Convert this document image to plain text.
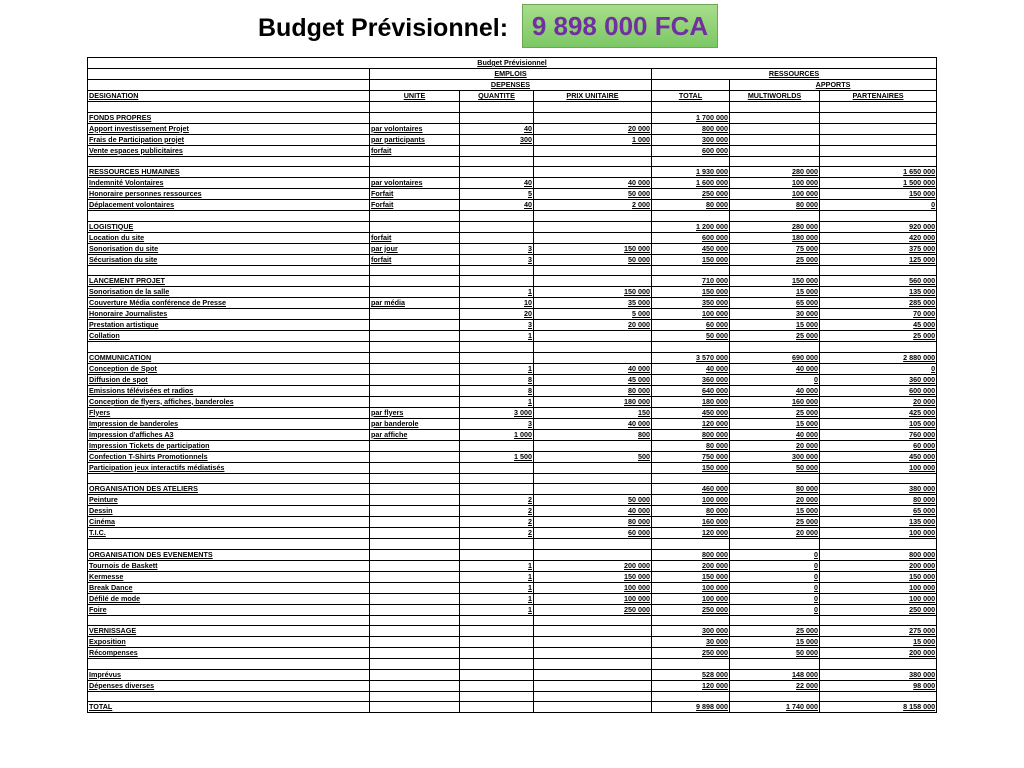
Budget Prévisionnel: 9 898 000 FCA
Budget Prévisionnel						
	EMPLOIS			RESSOURCES		
	DEPENSES				APPORTS	
DESIGNATION	UNITE	QUANTITE	PRIX UNITAIRE	TOTAL	MULTIWORLDS	PARTENAIRES

FONDS PROPRES				1 700 000		
Apport investissement Projet	par volontaires	40	20 000	800 000		
Frais de Participation projet	par participants	300	1 000	300 000		
Vente espaces publicitaires	forfait			600 000		

RESSOURCES HUMAINES				1 930 000	280 000	1 650 000
Indemnité Volontaires	par volontaires	40	40 000	1 600 000	100 000	1 500 000
Honoraire personnes ressources	Forfait	5	50 000	250 000	100 000	150 000
Déplacement volontaires	Forfait	40	2 000	80 000	80 000	0

LOGISTIQUE				1 200 000	280 000	920 000
Location du site	forfait			600 000	180 000	420 000
Sonorisation du site	par jour	3	150 000	450 000	75 000	375 000
Sécurisation du site	forfait	3	50 000	150 000	25 000	125 000

LANCEMENT PROJET				710 000	150 000	560 000
Sonorisation de la salle		1	150 000	150 000	15 000	135 000
Couverture Média conférence de Presse	par média	10	35 000	350 000	65 000	285 000
Honoraire Journalistes		20	5 000	100 000	30 000	70 000
Prestation artistique		3	20 000	60 000	15 000	45 000
Collation		1		50 000	25 000	25 000

COMMUNICATION				3 570 000	690 000	2 880 000
Conception de Spot		1	40 000	40 000	40 000	0
Diffusion de spot		8	45 000	360 000	0	360 000
Emissions télévisées et radios		8	80 000	640 000	40 000	600 000
Conception de flyers, affiches, banderoles		1	180 000	180 000	160 000	20 000
Flyers	par flyers	3 000	150	450 000	25 000	425 000
Impression de banderoles	par banderole	3	40 000	120 000	15 000	105 000
Impression d'affiches A3	par affiche	1 000	800	800 000	40 000	760 000
Impression Tickets de participation				80 000	20 000	60 000
Confection T-Shirts Promotionnels		1 500	500	750 000	300 000	450 000
Participation jeux interactifs médiatisés				150 000	50 000	100 000

ORGANISATION DES ATELIERS				460 000	80 000	380 000
Peinture		2	50 000	100 000	20 000	80 000
Dessin		2	40 000	80 000	15 000	65 000
Cinéma		2	80 000	160 000	25 000	135 000
T.I.C.		2	60 000	120 000	20 000	100 000

ORGANISATION DES EVENEMENTS				800 000	0	800 000
Tournois de Baskett		1	200 000	200 000	0	200 000
Kermesse		1	150 000	150 000	0	150 000
Break Dance		1	100 000	100 000	0	100 000
Défilé de mode		1	100 000	100 000	0	100 000
Foire		1	250 000	250 000	0	250 000

VERNISSAGE				300 000	25 000	275 000
Exposition				30 000	15 000	15 000
Récompenses				250 000	50 000	200 000

Imprévus				528 000	148 000	380 000
Dépenses diverses				120 000	22 000	98 000

TOTAL				9 898 000	1 740 000	8 158 000
